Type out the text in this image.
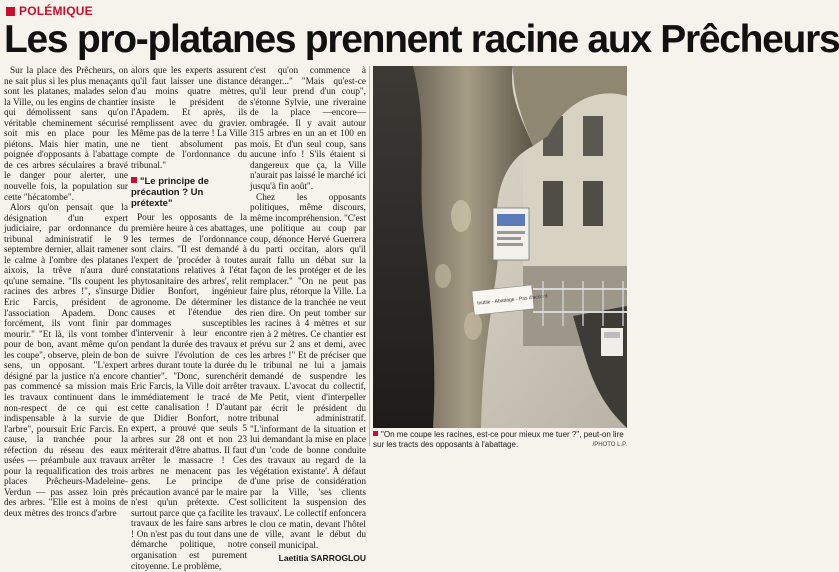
POLÉMIQUE
Les pro-platanes prennent racine aux Prêcheurs

Sur la place des Prêcheurs, on ne sait plus si les plus menaçants sont les platanes, malades selon la Ville, ou les engins de chantier qui démolissent sans qu'on véritable cheminement sécurisé soit mis en place pour les piétons. Mais hier matin, une poignée d'opposants à l'abattage de ces arbres séculaires a bravé le danger pour alerter, une nouvelle fois, la population sur cette "hécatombe".

Alors qu'on pensait que la désignation d'un expert judiciaire, par ordonnance du tribunal administratif le 9 septembre dernier, allait ramener le calme à l'ombre des platanes aixois, la trêve n'aura duré qu'une semaine. "Ils coupent les racines des arbres !", s'insurge Eric Farcis, président de l'association Apadem. Donc forcément, ils vont finir par mourir." "Et là, ils vont tomber pour de bon, avant même qu'on les coupe", observe, plein de bon sens, un opposant. "L'expert désigné par la justice n'a encore pas commencé sa mission mais les travaux continuent dans le non-respect de ce qui est indispensable à la survie de l'arbre", poursuit Eric Farcis. En cause, la tranchée pour la réfection du réseau des eaux usées — préambule aux travaux pour la requalification des trois places Prêcheurs-Madeleine-Verdun — pas assez loin près des arbres. "Elle est à moins de deux mètres des troncs d'arbre

alors que les experts assurent qu'il faut laisser une distance d'au moins quatre mètres, insiste le président de l'Apadem. Et après, ils remplissent avec du gravier. Même pas de la terre ! La Ville ne tient absolument pas compte de l'ordonnance du tribunal."

"Le principe de précaution ? Un prétexte"

Pour les opposants de la première heure à ces abattages, les termes de l'ordonnance sont clairs. "Il est demandé à l'expert de 'procéder à toutes constatations relatives à l'état phytosanitaire des arbres', relit Didier Bonfort, ingénieur agronome. De déterminer les causes et l'étendue des dommages susceptibles d'intervenir à leur encontre pendant la durée des travaux et de suivre l'évolution de ces arbres durant toute la durée du chantier". "Donc, surenchérit Eric Farcis, la Ville doit arrêter immédiatement le tracé de cette canalisation ! D'autant que Didier Bonfort, notre expert, a prouvé que seuls 5 arbres sur 28 ont et non 23 mériterait d'être abattus. Il faut arrêter le massacre ! Ces arbres ne menacent pas les gens. Le principe de précaution avancé par le maire n'est qu'un prétexte. C'est surtout parce que ça facilite les travaux de les faire sans arbres ! On n'est pas du tout dans une démarche politique, notre organisation est purement citoyenne. Le problème,

c'est qu'on commence à déranger..." "Mais qu'est-ce qu'il leur prend d'un coup", s'étonne Sylvie, une riveraine de la place —encore— ombragée. Il y avait autour 315 arbres en un an et 100 en mois. Et d'un seul coup, sans aucune info ! S'ils étaient si dangereux que ça, la Ville n'aurait pas laissé le marché ici jusqu'à fin août".

Chez les opposants politiques, même discours, même incompréhension. "C'est une politique au coup par coup, dénonce Hervé Guerrera du parti occitan, alors qu'il aurait fallu un débat sur la façon de les protéger et de les remplacer." "On ne peut pas faire plus, rétorque la Ville. La distance de la tranchée ne veut rien dire. On peut tomber sur les racines à 4 mètres et sur rien à 2 mètres. Ce chantier est prévu sur 2 ans et demi, avec les arbres !" Et de préciser que le tribunal ne lui a jamais demandé de suspendre les travaux. L'avocat du collectif, Me Petit, vient d'interpeller par écrit le président du tribunal administratif. "L'informant de la situation et lui demandant la mise en place d'un 'code de bonne conduite des travaux au regard de la végétation existante'. À défaut d'une prise de considération par la Ville, 'ses clients sollicitent la suspension des travaux'. Le collectif enfoncera le clou ce matin, devant l'hôtel de ville, avant le début du conseil municipal.

Laetitia SARROGLOU
Inutile - Abattage - Pas d'accord
"On me coupe les racines, est-ce pour mieux me tuer ?", peut-on lire sur les tracts des opposants à l'abattage.	/PHOTO L.P.
